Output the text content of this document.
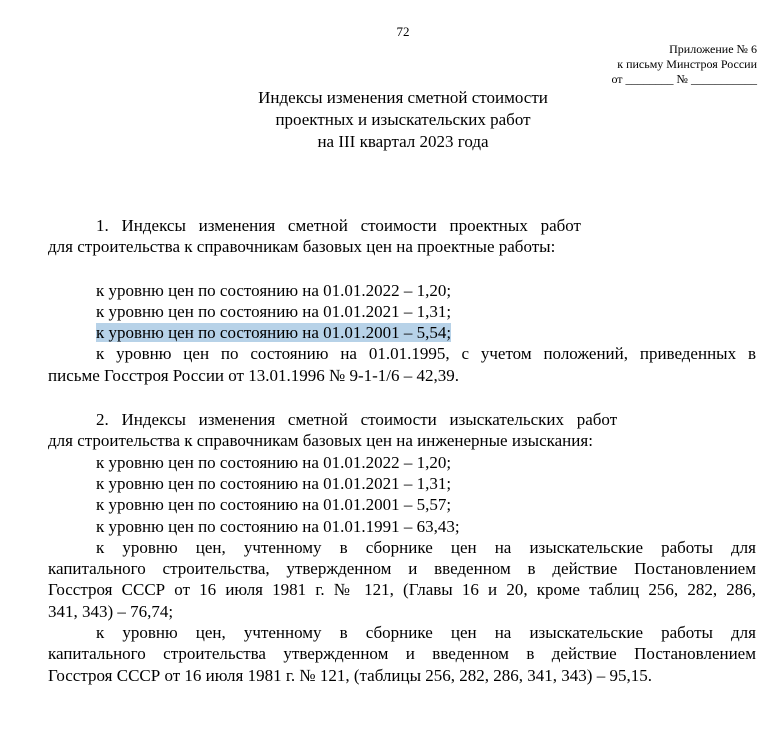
72
Приложение № 6
к письму Минстроя России
от ________ № ___________
Индексы изменения сметной стоимости
проектных и изыскательских работ
на III квартал 2023 года

1.   Индексы   изменения   сметной   стоимости   проектных   работ

для строительства к справочникам базовых цен на проектные работы:

к уровню цен по состоянию на 01.01.2022 – 1,20;

к уровню цен по состоянию на 01.01.2021 – 1,31;

к уровню цен по состоянию на 01.01.2001 – 5,54;

к уровню цен по состоянию на 01.01.1995, с учетом положений, приведенных в

письме Госстроя России от 13.01.1996 № 9-1-1/6 – 42,39.

2.   Индексы   изменения   сметной   стоимости   изыскательских   работ

для строительства к справочникам базовых цен на инженерные изыскания:

к уровню цен по состоянию на 01.01.2022 – 1,20;

к уровню цен по состоянию на 01.01.2021 – 1,31;

к уровню цен по состоянию на 01.01.2001 – 5,57;

к уровню цен по состоянию на 01.01.1991 – 63,43;

к уровню цен, учтенному в сборнике цен на изыскательские работы для

капитального строительства, утвержденном и введенном в действие Постановлением

Госстроя СССР от 16 июля 1981 г. № 121, (Главы 16 и 20, кроме таблиц 256, 282, 286,

341, 343) – 76,74;

к уровню цен, учтенному в сборнике цен на изыскательские работы для

капитального строительства утвержденном и введенном в действие Постановлением

Госстроя СССР от 16 июля 1981 г. № 121, (таблицы 256, 282, 286, 341, 343) – 95,15.
